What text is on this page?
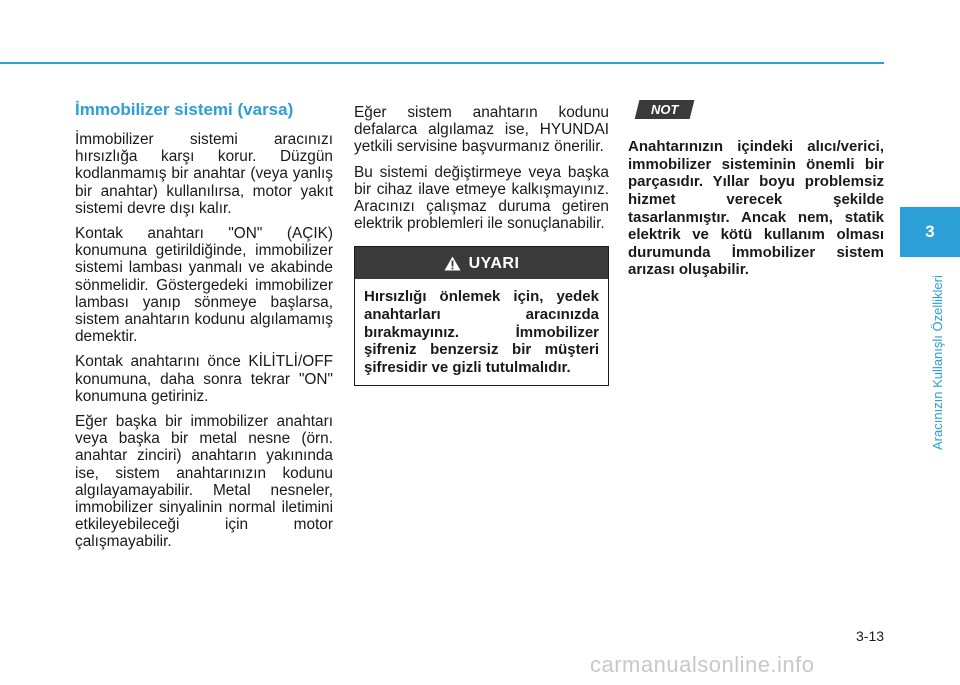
İmmobilizer sistemi (varsa)

İmmobilizer sistemi aracınızı hırsızlığa karşı korur. Düzgün kodlanmamış bir anahtar (veya yanlış bir anahtar) kullanılırsa, motor yakıt sistemi devre dışı kalır.

Kontak anahtarı "ON" (AÇIK) konumuna getirildiğinde, immobilizer sistemi lambası yanmalı ve akabinde sönmelidir. Göstergedeki immobilizer lambası yanıp sönmeye başlarsa, sistem anahtarın kodunu algılamamış demektir.

Kontak anahtarını önce KİLİTLİ/OFF konumuna, daha sonra tekrar "ON" konumuna getiriniz.

Eğer başka bir immobilizer anahtarı veya başka bir metal nesne (örn. anahtar zinciri) anahtarın yakınında ise, sistem anahtarınızın kodunu algılayamayabilir. Metal nesneler, immobilizer sinyalinin normal iletimini etkileyebileceği için motor çalışmayabilir.

Eğer sistem anahtarın kodunu defalarca algılamaz ise, HYUNDAI yetkili servisine başvurmanız önerilir.

Bu sistemi değiştirmeye veya başka bir cihaz ilave etmeye kalkışmayınız. Aracınızı çalışmaz duruma getiren elektrik problemleri ile sonuçlanabilir.

UYARI
Hırsızlığı önlemek için, yedek anahtarları aracınızda bırakmayınız. İmmobilizer şifreniz benzersiz bir müşteri şifresidir ve gizli tutulmalıdır.
NOT
Anahtarınızın içindeki alıcı/verici, immobilizer sisteminin önemli bir parçasıdır. Yıllar boyu problemsiz hizmet verecek şekilde tasarlanmıştır. Ancak nem, statik elektrik ve kötü kullanım olması durumunda İmmobilizer sistem arızası oluşabilir.
3
Aracınızın Kullanışlı Özellikleri
3-13
carmanualsonline.info
